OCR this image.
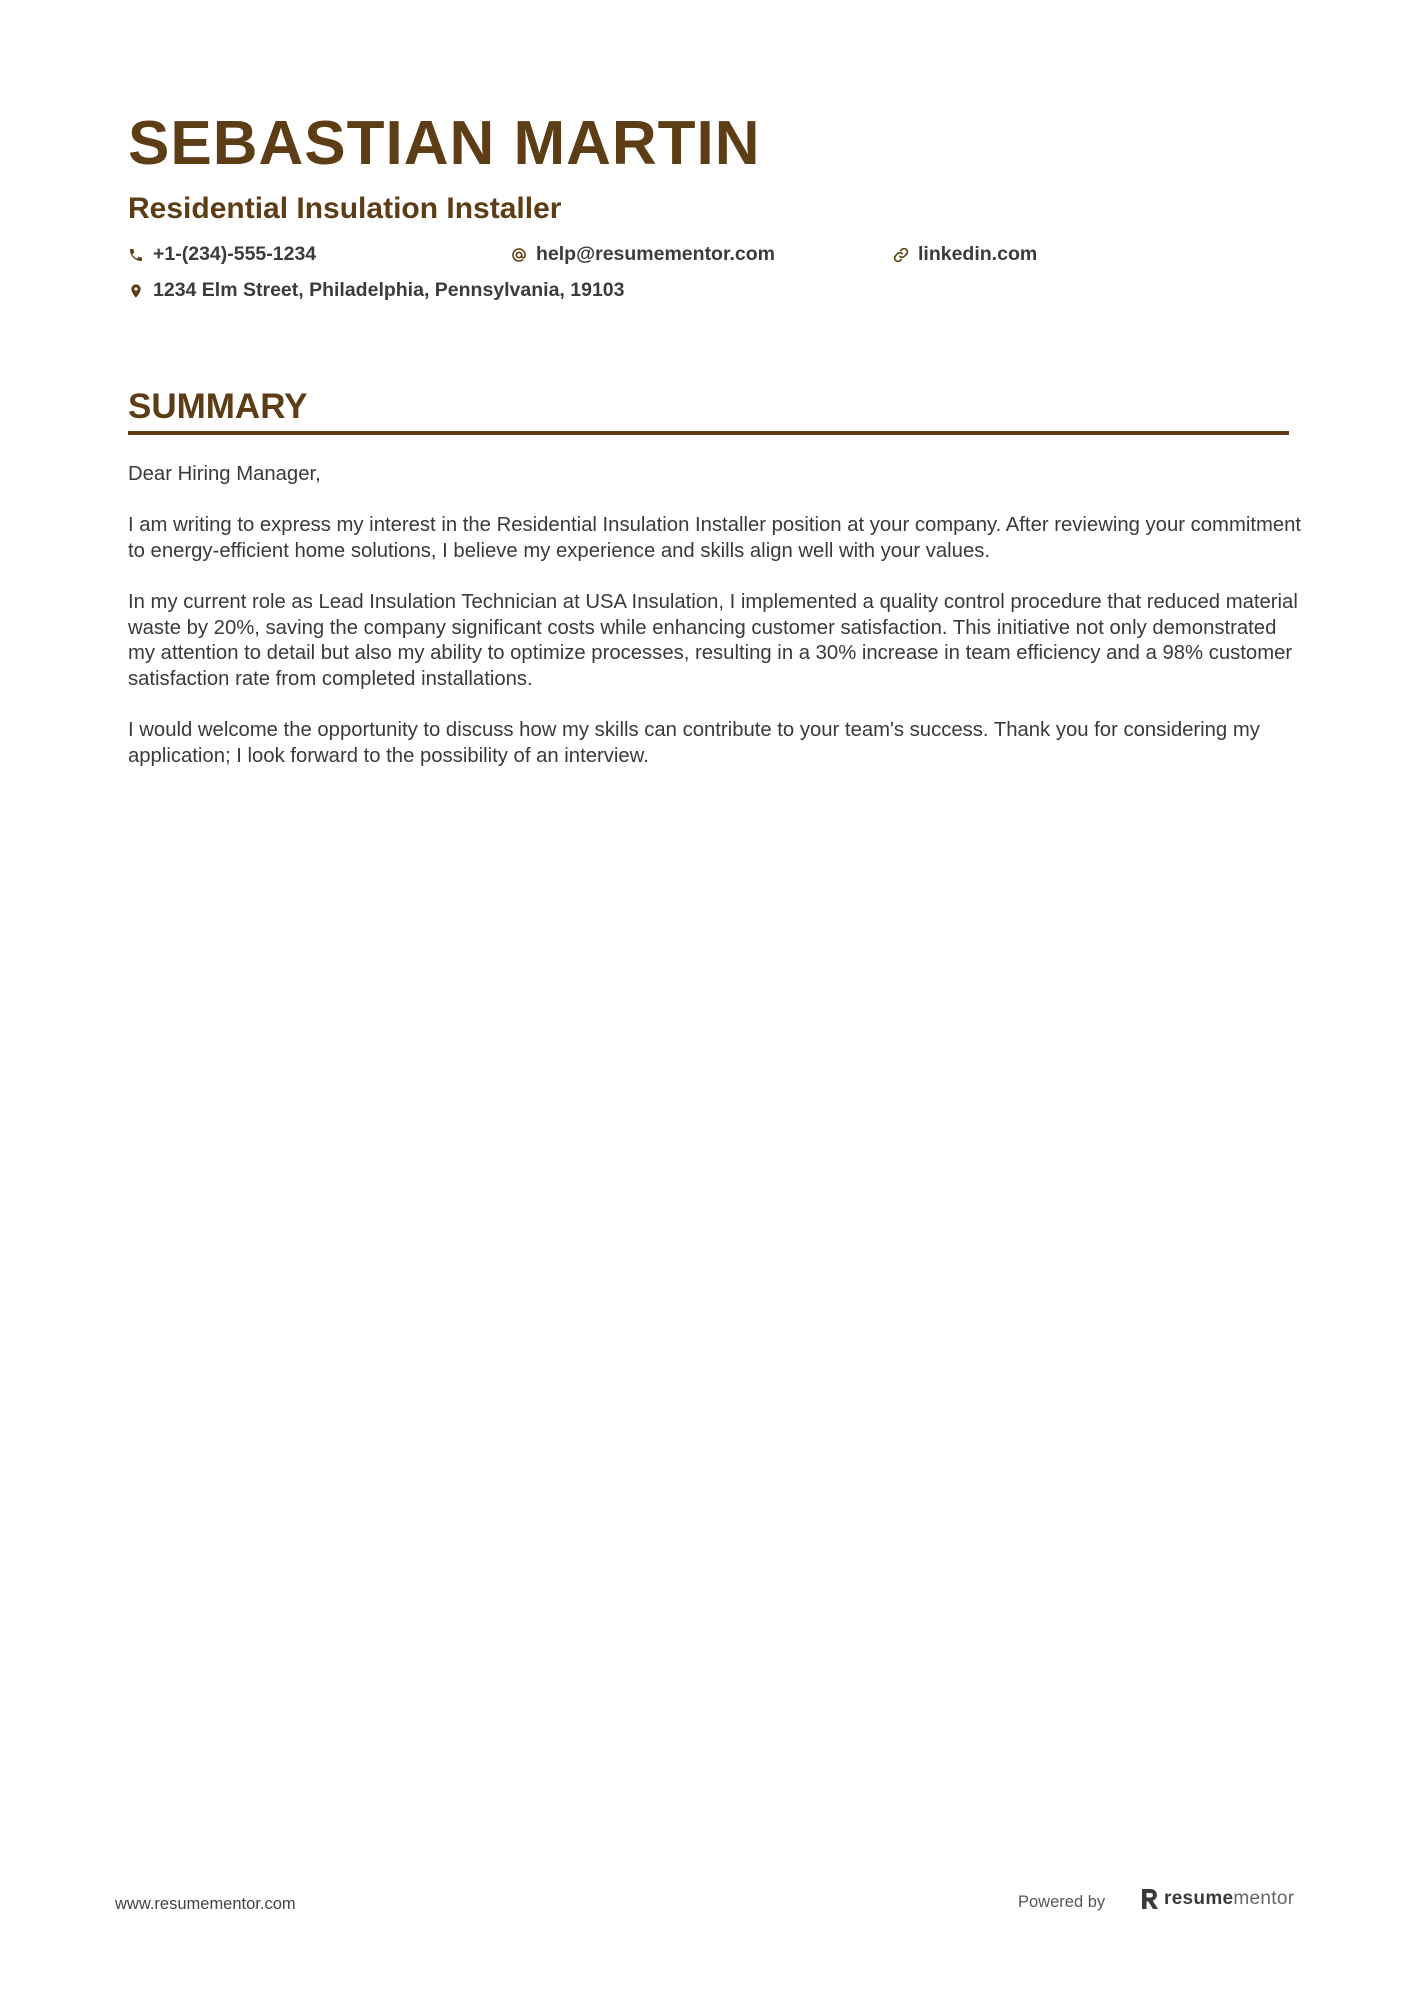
SEBASTIAN MARTIN
Residential Insulation Installer
+1-(234)-555-1234	help@resumementor.com	linkedin.com
1234 Elm Street, Philadelphia, Pennsylvania, 19103
SUMMARY

Dear Hiring Manager,

I am writing to express my interest in the Residential Insulation Installer position at your company. After reviewing your commitment to energy-efficient home solutions, I believe my experience and skills align well with your values.

In my current role as Lead Insulation Technician at USA Insulation, I implemented a quality control procedure that reduced material waste by 20%, saving the company significant costs while enhancing customer satisfaction. This initiative not only demonstrated my attention to detail but also my ability to optimize processes, resulting in a 30% increase in team efficiency and a 98% customer satisfaction rate from completed installations.

I would welcome the opportunity to discuss how my skills can contribute to your team's success. Thank you for considering my application; I look forward to the possibility of an interview.

www.resumementor.com	Powered by	resumementor
